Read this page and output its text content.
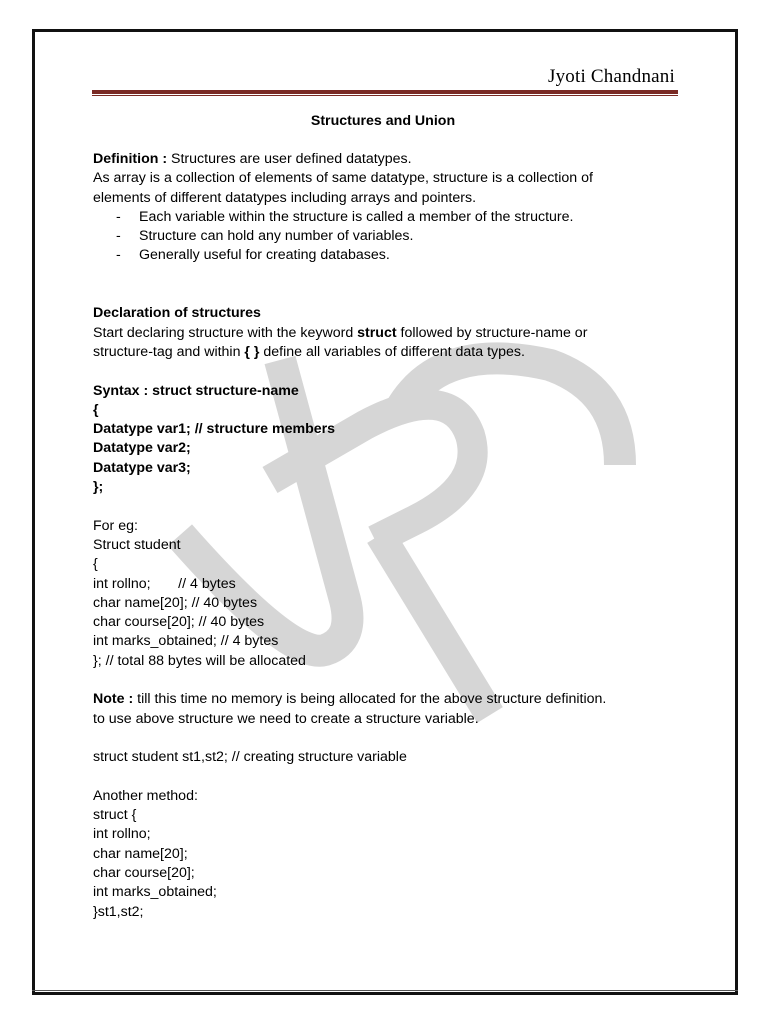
Jyoti Chandnani
Structures and Union
Definition : Structures are user defined datatypes.
As array is a collection of elements of same datatype, structure is a collection of
elements of different datatypes including arrays and pointers.
- Each variable within the structure is called a member of the structure.
- Structure can hold any number of variables.
- Generally useful for creating databases.
Declaration of structures
Start declaring structure with the keyword struct followed by structure-name or
structure-tag and within { } define all variables of different data types.
Syntax : struct structure-name
{
Datatype var1; // structure members
Datatype var2;
Datatype var3;
};
For eg:
Struct student
{
int rollno;       // 4 bytes
char name[20]; // 40 bytes
char course[20]; // 40 bytes
int marks_obtained; // 4 bytes
}; // total 88 bytes will be allocated
Note : till this time no memory is being allocated for the above structure definition.
to use above structure we need to create a structure variable.
struct student st1,st2; // creating structure variable
Another method:
struct {
int rollno;
char name[20];
char course[20];
int marks_obtained;
}st1,st2;
